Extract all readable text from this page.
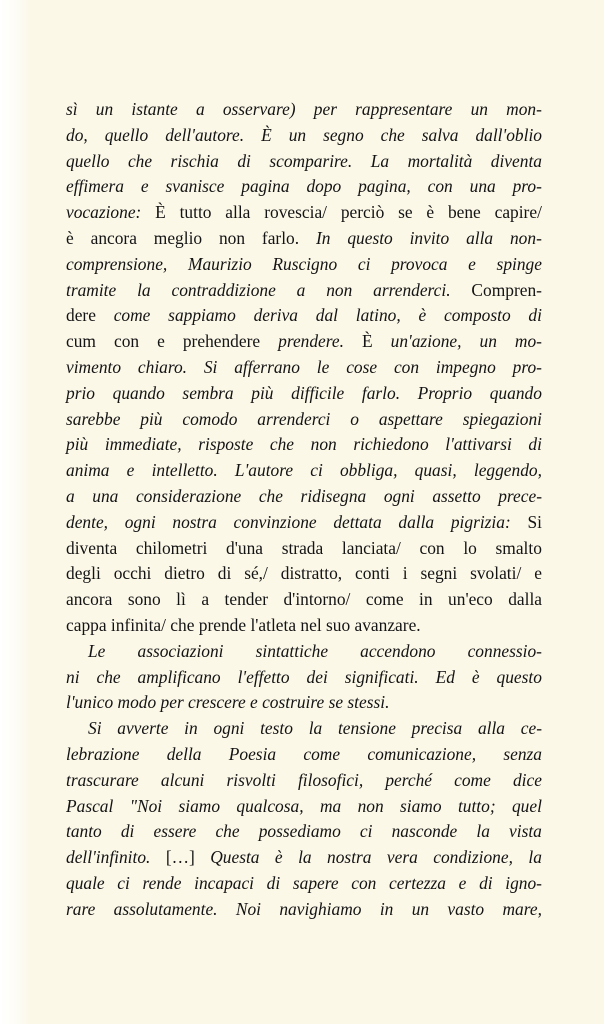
sì un istante a osservare) per rappresentare un mon-
do, quello dell'autore. È un segno che salva dall'oblio
quello che rischia di scomparire. La mortalità diventa
effimera e svanisce pagina dopo pagina, con una pro-
vocazione: È tutto alla rovescia/ perciò se è bene capire/
è ancora meglio non farlo. In questo invito alla non-
comprensione, Maurizio Ruscigno ci provoca e spinge
tramite la contraddizione a non arrenderci. Compren-
dere come sappiamo deriva dal latino, è composto di
cum con e prehendere prendere. È un'azione, un mo-
vimento chiaro. Si afferrano le cose con impegno pro-
prio quando sembra più difficile farlo. Proprio quando
sarebbe più comodo arrenderci o aspettare spiegazioni
più immediate, risposte che non richiedono l'attivarsi di
anima e intelletto. L'autore ci obbliga, quasi, leggendo,
a una considerazione che ridisegna ogni assetto prece-
dente, ogni nostra convinzione dettata dalla pigrizia: Si
diventa chilometri d'una strada lanciata/ con lo smalto
degli occhi dietro di sé,/ distratto, conti i segni svolati/ e
ancora sono lì a tender d'intorno/ come in un'eco dalla
cappa infinita/ che prende l'atleta nel suo avanzare.
Le associazioni sintattiche accendono connessio-
ni che amplificano l'effetto dei significati. Ed è questo
l'unico modo per crescere e costruire se stessi.
Si avverte in ogni testo la tensione precisa alla ce-
lebrazione della Poesia come comunicazione, senza
trascurare alcuni risvolti filosofici, perché come dice
Pascal "Noi siamo qualcosa, ma non siamo tutto; quel
tanto di essere che possediamo ci nasconde la vista
dell'infinito. […] Questa è la nostra vera condizione, la
quale ci rende incapaci di sapere con certezza e di igno-
rare assolutamente. Noi navighiamo in un vasto mare,
